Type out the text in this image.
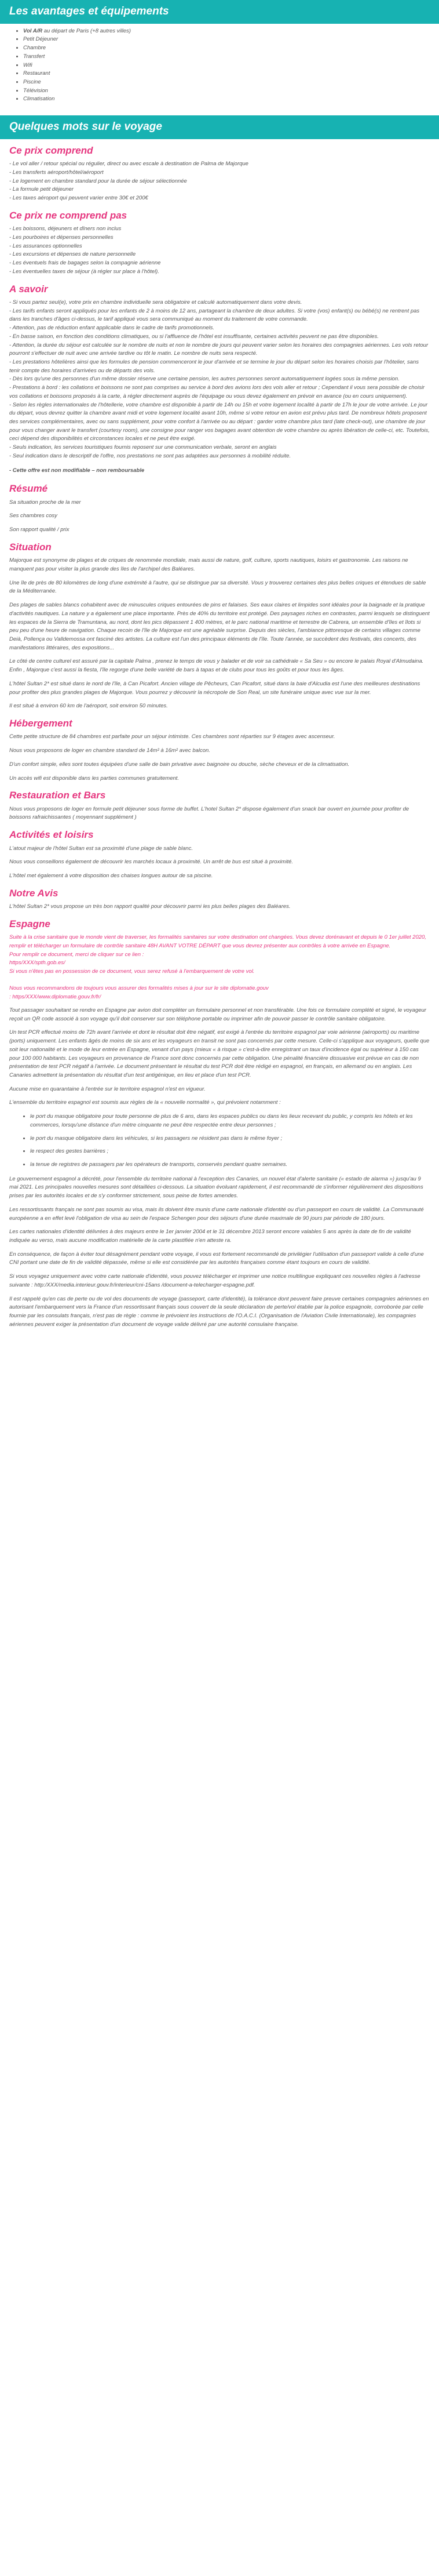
Les avantages et équipements
• Vol A/R au départ de Paris (+8 autres villes)
• Petit Déjeuner
• Chambre
• Transfert
• Wifi
• Restaurant
• Piscine
• Télévision
• Climatisation
Quelques mots sur le voyage
Ce prix comprend

- Le vol aller / retour spécial ou régulier, direct ou avec escale à destination de Palma de Majorque

- Les transferts aéroport/hôtel/aéroport

- Le logement en chambre standard pour la durée de séjour sélectionnée

- La formule petit déjeuner

- Les taxes aéroport qui peuvent varier entre 30€ et 200€

Ce prix ne comprend pas

- Les boissons, déjeuners et dîners non inclus

- Les pourboires et dépenses personnelles

- Les assurances optionnelles

- Les excursions et dépenses de nature personnelle

- Les éventuels frais de bagages selon la compagnie aérienne

- Les éventuelles taxes de séjour (à régler sur place à l'hôtel).

A savoir

- Si vous partez seul(e), votre prix en chambre individuelle sera obligatoire et calculé automatiquement dans votre devis.

- Les tarifs enfants seront appliqués pour les enfants de 2 à moins de 12 ans, partageant la chambre de deux adultes. Si votre (vos) enfant(s) ou bébé(s) ne rentrent pas dans les tranches d'âges ci-dessus, le tarif appliqué vous sera communiqué au moment du traitement de votre commande.

- Attention, pas de réduction enfant applicable dans le cadre de tarifs promotionnels.

- En basse saison, en fonction des conditions climatiques, ou si l'affluence de l'hôtel est insuffisante, certaines activités peuvent ne pas être disponibles.

- Attention, la durée du séjour est calculée sur le nombre de nuits et non le nombre de jours qui peuvent varier selon les horaires des compagnies aériennes. Les vols retour pourront s'effectuer de nuit avec une arrivée tardive ou tôt le matin. Le nombre de nuits sera respecté.

- Les prestations hôtelières ainsi que les formules de pension commenceront le jour d'arrivée et se termine le jour du départ selon les horaires choisis par l'hôtelier, sans tenir compte des horaires d'arrivées ou de départs des vols.

- Dès lors qu'une des personnes d'un même dossier réserve une certaine pension, les autres personnes seront automatiquement logées sous la même pension.

- Prestations à bord : les collations et boissons ne sont pas comprises au service à bord des avions lors des vols aller et retour ; Cependant il vous sera possible de choisir vos collations et boissons proposés à la carte, à régler directement auprès de l'équipage ou vous devez également en prévoir en avance (ou en cours uniquement).

- Selon les règles internationales de l'hôtellerie, votre chambre est disponible à partir de 14h ou 15h et votre logement localité à partir de 17h le jour de votre arrivée. Le jour du départ, vous devrez quitter la chambre avant midi et votre logement localité avant 10h, même si votre retour en avion est prévu plus tard. De nombreux hôtels proposent des services complémentaires, avec ou sans supplément, pour votre confort à l'arrivée ou au départ : garder votre chambre plus tard (late check-out), une chambre de jour pour vous changer avant le transfert (courtesy room), une consigne pour ranger vos bagages avant obtention de votre chambre ou après libération de celle-ci, etc. Toutefois, ceci dépend des disponibilités et circonstances locales et ne peut être exigé.

- Seuls indication, les services touristiques fournis reposent sur une communication verbale, seront en anglais

- Seul indication dans le descriptif de l'offre, nos prestations ne sont pas adaptées aux personnes à mobilité réduite.

- Cette offre est non modifiable – non remboursable

Résumé

Sa situation proche de la mer

Ses chambres cosy

Son rapport qualité / prix

Situation

Majorque est synonyme de plages et de criques de renommée mondiale, mais aussi de nature, golf, culture, sports nautiques, loisirs et gastronomie. Les raisons ne manquent pas pour visiter la plus grande des îles de l'archipel des Baléares.

Une île de près de 80 kilomètres de long d'une extrémité à l'autre, qui se distingue par sa diversité. Vous y trouverez certaines des plus belles criques et étendues de sable de la Méditerranée.

Des plages de sables blancs cohabitent avec de minuscules criques entourées de pins et falaises. Ses eaux claires et limpides sont idéales pour la baignade et la pratique d'activités nautiques. La nature y a également une place importante. Près de 40% du territoire est protégé. Des paysages riches en contrastes, parmi lesquels se distinguent les espaces de la Sierra de Tramuntana, au nord, dont les pics dépassent 1 400 mètres, et le parc national maritime et terrestre de Cabrera, un ensemble d'îles et îlots si peu peu d'une heure de navigation. Chaque recoin de l'île de Majorque est une agréable surprise. Depuis des siècles, l'ambiance pittoresque de certains villages comme Deià, Pollença ou Valldemossa ont fasciné des artistes. La culture est l'un des principaux éléments de l'île. Toute l'année, se succèdent des festivals, des concerts, des manifestations littéraires, des expositions...

Le côté de centre culturel est assuré par la capitale Palma , prenez le temps de vous y balader et de voir sa cathédrale « Sa Seu » ou encore le palais Royal d'Almudaina. Enfin , Majorque c'est aussi la fiesta, l'île regorge d'une belle variété de bars à tapas et de clubs pour tous les goûts et pour tous les âges.

L'hôtel Sultan 2* est situé dans le nord de l'île, à Can Picafort. Ancien village de Pêcheurs, Can Picafort, situé dans la baie d'Alcudia est l'une des meilleures destinations pour profiter des plus grandes plages de Majorque. Vous pourrez y découvrir la nécropole de Son Real, un site funéraire unique avec vue sur la mer.

Il est situé à environ 60 km de l'aéroport, soit environ 50 minutes.

Hébergement

Cette petite structure de 84 chambres est parfaite pour un séjour intimiste. Ces chambres sont réparties sur 9 étages avec ascenseur.

Nous vous proposons de loger en chambre standard de 14m² à 16m² avec balcon.

D'un confort simple, elles sont toutes équipées d'une salle de bain privative avec baignoire ou douche, sèche cheveux et de la climatisation.

Un accès wifi est disponible dans les parties communes gratuitement.

Restauration et Bars

Nous vous proposons de loger en formule petit déjeuner sous forme de buffet. L'hotel Sultan 2* dispose également d'un snack bar ouvert en journée pour profiter de boissons rafraichissantes ( moyennant supplément )

Activités et loisirs

L'atout majeur de l'hôtel Sultan est sa proximité d'une plage de sable blanc.

Nous vous conseillons également de découvrir les marchés locaux à proximité. Un arrêt de bus est situé à proximité.

L'hôtel met également à votre disposition des chaises longues autour de sa piscine.

Notre Avis

L'hôtel Sultan 2* vous propose un très bon rapport qualité pour découvrir parmi les plus belles plages des Baléares.

Espagne

Suite à la crise sanitaire que le monde vient de traverser, les formalités sanitaires sur votre destination ont changées. Vous devez dorénavant et depuis le 0 1er juillet 2020, remplir et télécharger un formulaire de contrôle sanitaire 48H AVANT VOTRE DÉPART que vous devrez présenter aux contrôles à votre arrivée en Espagne.

Pour remplir ce document, merci de cliquer sur ce lien :

https/XXX/spth.gob.es/

Si vous n'êtes pas en possession de ce document, vous serez refusé à l'embarquement de votre vol.

Nous vous recommandons de toujours vous assurer des formalités mises à jour sur le site diplomatie.gouv

: https/XXX/www.diplomatie.gouv.fr/fr/

Tout passager souhaitant se rendre en Espagne par avion doit compléter un formulaire personnel et non transférable. Une fois ce formulaire complété et signé, le voyageur reçoit un QR code associé à son voyage qu'il doit conserver sur son téléphone portable ou imprimer afin de pouvoir passer le contrôle sanitaire obligatoire.

Un test PCR effectué moins de 72h avant l'arrivée et dont le résultat doit être négatif, est exigé à l'entrée du territoire espagnol par voie aérienne (aéroports) ou maritime (ports) uniquement. Les enfants âgés de moins de six ans et les voyageurs en transit ne sont pas concernés par cette mesure. Celle-ci s'applique aux voyageurs, quelle que soit leur nationalité et le mode de leur entrée en Espagne, venant d'un pays (mieux « à risque » c'est-à-dire enregistrant un taux d'incidence égal ou supérieur à 150 cas pour 100 000 habitants. Les voyageurs en provenance de France sont donc concernés par cette obligation. Une pénalité financière dissuasive est prévue en cas de non présentation de test PCR négatif à l'arrivée. Le document présentant le résultat du test PCR doit être rédigé en espagnol, en français, en allemand ou en anglais. Les Canaries admettent la présentation du résultat d'un test antigénique, en lieu et place d'un test PCR.

Aucune mise en quarantaine à l'entrée sur le territoire espagnol n'est en vigueur.

L'ensemble du territoire espagnol est soumis aux règles de la « nouvelle normalité », qui prévoient notamment :

• le port du masque obligatoire pour toute personne de plus de 6 ans, dans les espaces publics ou dans les lieux recevant du public, y compris les hôtels et les commerces, lorsqu'une distance d'un mètre cinquante ne peut être respectée entre deux personnes ;
• le port du masque obligatoire dans les véhicules, si les passagers ne résident pas dans le même foyer ;
• le respect des gestes barrières ;
• la tenue de registres de passagers par les opérateurs de transports, conservés pendant quatre semaines.

Le gouvernement espagnol a décrété, pour l'ensemble du territoire national à l'exception des Canaries, un nouvel état d'alerte sanitaire (« estado de alarma ») jusqu'au 9 mai 2021. Les principales nouvelles mesures sont détaillées ci-dessous. La situation évoluant rapidement, il est recommandé de s'informer régulièrement des dispositions prises par les autorités locales et de s'y conformer strictement, sous peine de fortes amendes.

Les ressortissants français ne sont pas soumis au visa, mais ils doivent être munis d'une carte nationale d'identité ou d'un passeport en cours de validité. La Communauté européenne a en effet levé l'obligation de visa au sein de l'espace Schengen pour des séjours d'une durée maximale de 90 jours par période de 180 jours.

Les cartes nationales d'identité délivrées à des majeurs entre le 1er janvier 2004 et le 31 décembre 2013 seront encore valables 5 ans après la date de fin de validité indiquée au verso, mais aucune modification matérielle de la carte plastifiée n'en atteste ra.

En conséquence, de façon à éviter tout désagrément pendant votre voyage, il vous est fortement recommandé de privilégier l'utilisation d'un passeport valide à celle d'une CNI portant une date de fin de validité dépassée, même si elle est considérée par les autorités françaises comme étant toujours en cours de validité.

Si vous voyagez uniquement avec votre carte nationale d'identité, vous pouvez télécharger et imprimer une notice multilingue expliquant ces nouvelles règles à l'adresse suivante : http:/XXX/media.interieur.gouv.fr/interieur/cni-15ans /document-a-telecharger-espagne.pdf.

Il est rappelé qu'en cas de perte ou de vol des documents de voyage (passeport, carte d'identité), la tolérance dont peuvent faire preuve certaines compagnies aériennes en autorisant l'embarquement vers la France d'un ressortissant français sous couvert de la seule déclaration de perte/vol établie par la police espagnole, corroborée par celle fournie par les consulats français, n'est pas de règle : comme le prévoient les instructions de l'O.A.C.I. (Organisation de l'Aviation Civile Internationale), les compagnies aériennes peuvent exiger la présentation d'un document de voyage valide délivré par une autorité consulaire française.
